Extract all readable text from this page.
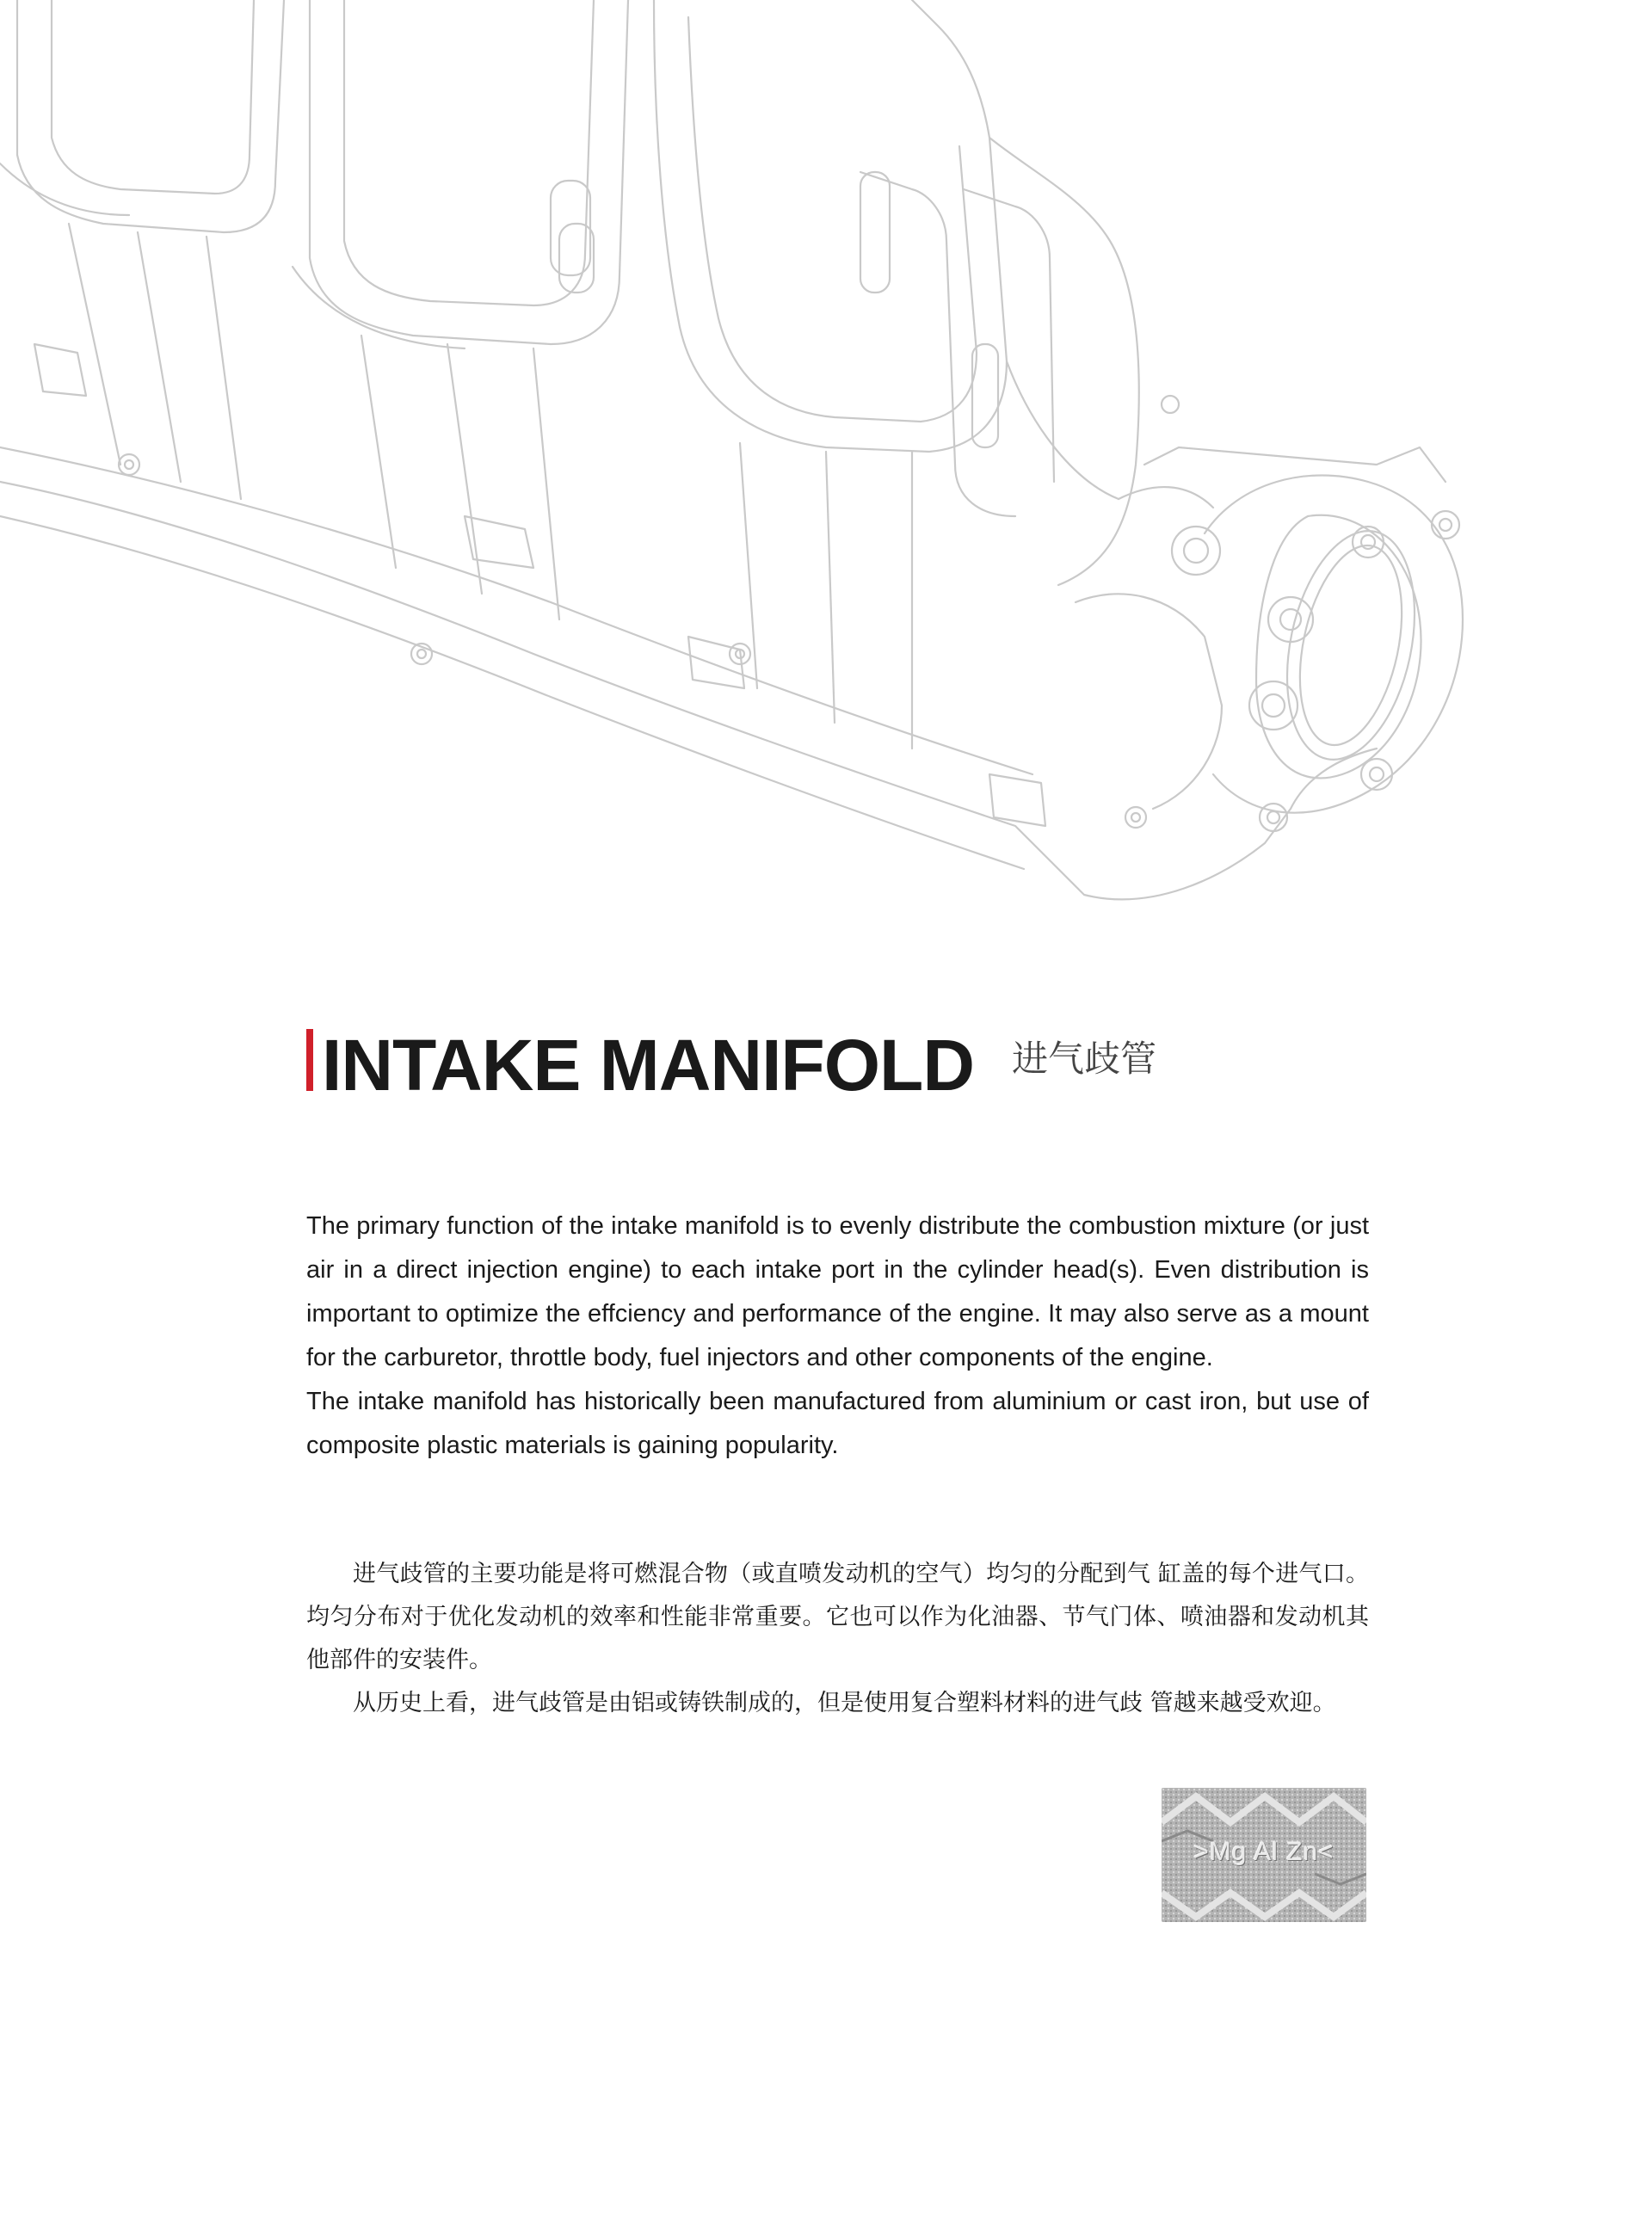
INTAKE MANIFOLD 进气歧管

The primary function of the intake manifold is to evenly distribute the combustion mixture (or just air in a direct injection engine) to each intake port in the cylinder head(s). Even distribution is important to optimize the effciency and performance of the engine. It may also serve as a mount for the carburetor, throttle body, fuel injectors and other components of the engine.

The intake manifold has historically been manufactured from aluminium or cast iron, but use of composite plastic materials is gaining popularity.

进气歧管的主要功能是将可燃混合物（或直喷发动机的空气）均匀的分配到气 缸盖的每个进气口。均匀分布对于优化发动机的效率和性能非常重要。它也可以作为化油器、节气门体、喷油器和发动机其他部件的安装件。

从历史上看，进气歧管是由铝或铸铁制成的，但是使用复合塑料材料的进气歧 管越来越受欢迎。

>Mg Al Zn<
